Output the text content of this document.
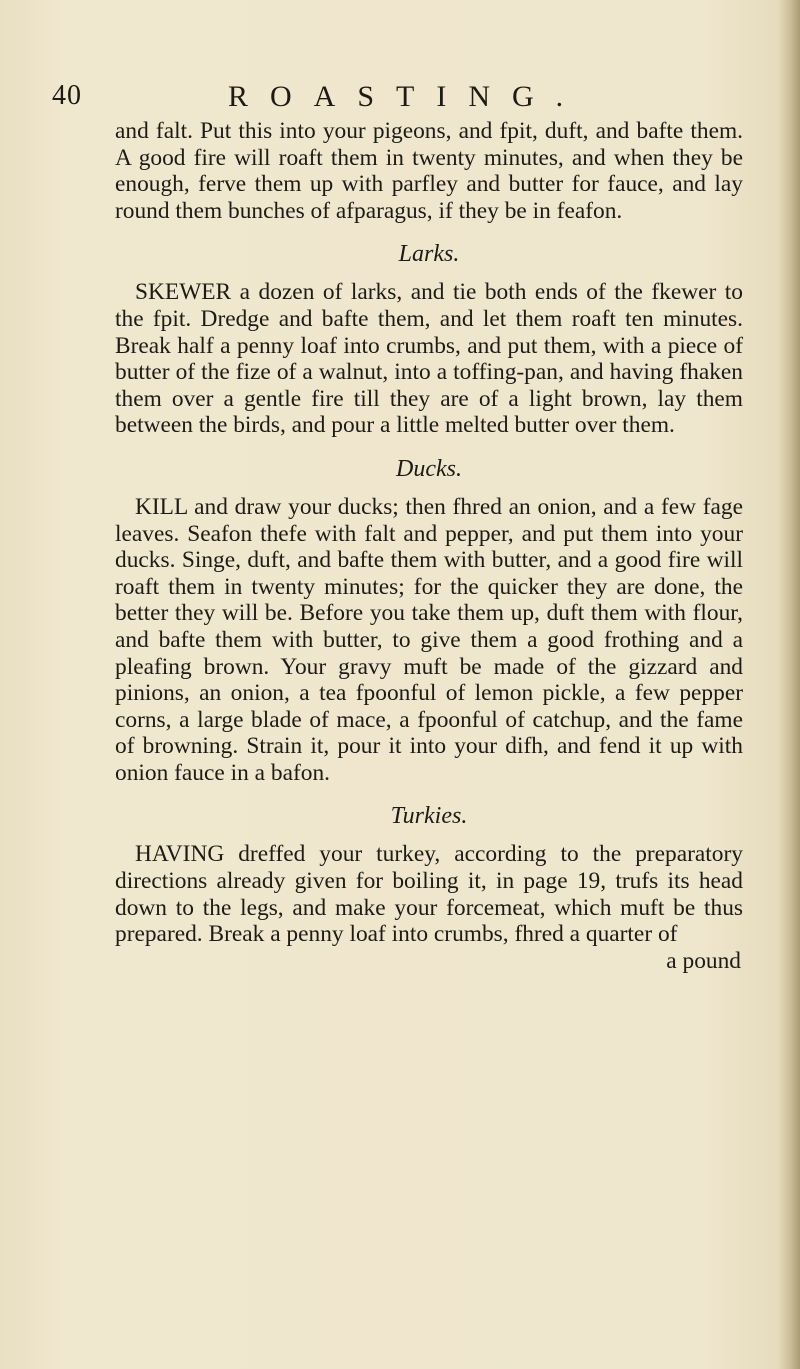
40	ROASTING.

and falt. Put this into your pigeons, and fpit, duft, and bafte them. A good fire will roaft them in twenty minutes, and when they be enough, ferve them up with parfley and butter for fauce, and lay round them bunches of afparagus, if they be in feafon.

Larks.

SKEWER a dozen of larks, and tie both ends of the fkewer to the fpit. Dredge and bafte them, and let them roaft ten minutes. Break half a penny loaf into crumbs, and put them, with a piece of butter of the fize of a walnut, into a toffing-pan, and having fhaken them over a gentle fire till they are of a light brown, lay them between the birds, and pour a little melted butter over them.

Ducks.

KILL and draw your ducks; then fhred an onion, and a few fage leaves. Seafon thefe with falt and pepper, and put them into your ducks. Singe, duft, and bafte them with butter, and a good fire will roaft them in twenty minutes; for the quicker they are done, the better they will be. Before you take them up, duft them with flour, and bafte them with butter, to give them a good frothing and a pleafing brown. Your gravy muft be made of the gizzard and pinions, an onion, a tea fpoonful of lemon pickle, a few pepper corns, a large blade of mace, a fpoonful of catchup, and the fame of browning. Strain it, pour it into your difh, and fend it up with onion fauce in a bafon.

Turkies.

HAVING dreffed your turkey, according to the preparatory directions already given for boiling it, in page 19, trufs its head down to the legs, and make your forcemeat, which muft be thus prepared. Break a penny loaf into crumbs, fhred a quarter of

a pound
